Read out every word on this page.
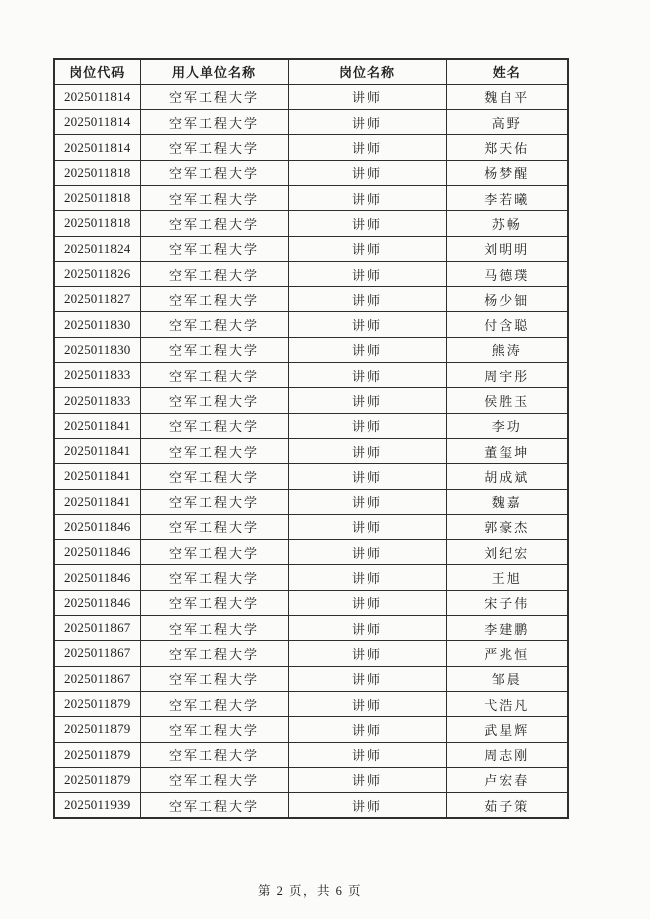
岗位代码	用人单位名称	岗位名称	姓名
2025011814	空军工程大学	讲师	魏自平
2025011814	空军工程大学	讲师	高野
2025011814	空军工程大学	讲师	郑天佑
2025011818	空军工程大学	讲师	杨梦醒
2025011818	空军工程大学	讲师	李若曦
2025011818	空军工程大学	讲师	苏畅
2025011824	空军工程大学	讲师	刘明明
2025011826	空军工程大学	讲师	马德璞
2025011827	空军工程大学	讲师	杨少钿
2025011830	空军工程大学	讲师	付含聪
2025011830	空军工程大学	讲师	熊涛
2025011833	空军工程大学	讲师	周宇彤
2025011833	空军工程大学	讲师	侯胜玉
2025011841	空军工程大学	讲师	李功
2025011841	空军工程大学	讲师	董玺坤
2025011841	空军工程大学	讲师	胡成斌
2025011841	空军工程大学	讲师	魏嘉
2025011846	空军工程大学	讲师	郭豪杰
2025011846	空军工程大学	讲师	刘纪宏
2025011846	空军工程大学	讲师	王旭
2025011846	空军工程大学	讲师	宋子伟
2025011867	空军工程大学	讲师	李建鹏
2025011867	空军工程大学	讲师	严兆恒
2025011867	空军工程大学	讲师	邹晨
2025011879	空军工程大学	讲师	弋浩凡
2025011879	空军工程大学	讲师	武星辉
2025011879	空军工程大学	讲师	周志刚
2025011879	空军工程大学	讲师	卢宏春
2025011939	空军工程大学	讲师	茹子策
第 2 页，共 6 页
